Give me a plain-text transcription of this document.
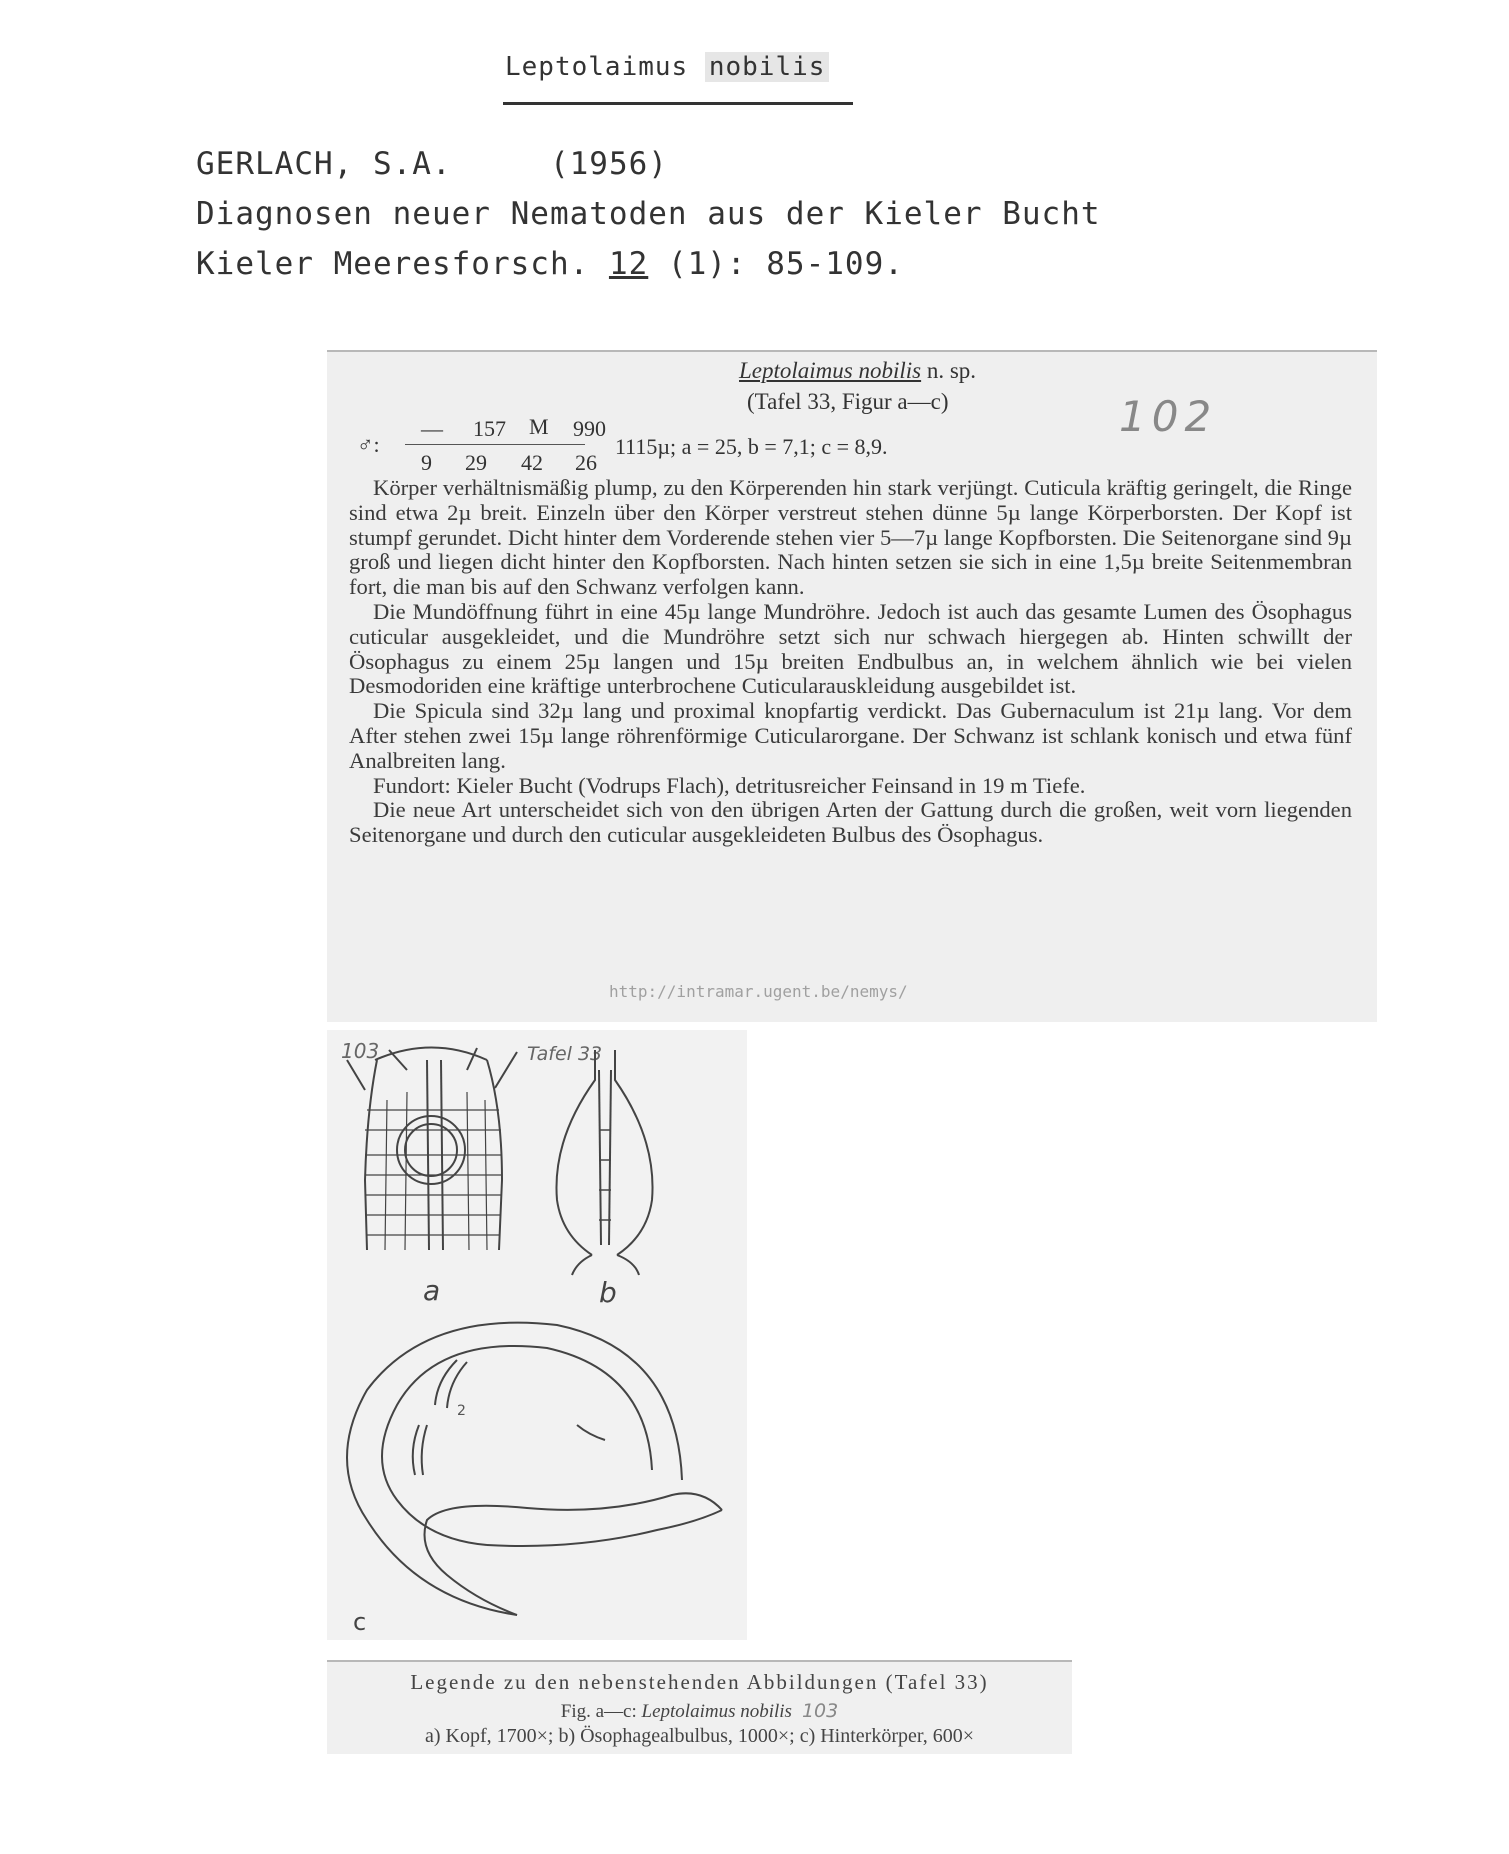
Leptolaimus nobilis
GERLACH, S.A.	(1956)
Diagnosen neuer Nematoden aus der Kieler Bucht
Kieler Meeresforsch. 12 (1): 85-109.
Leptolaimus nobilis n. sp.
(Tafel 33, Figur a—c)	102
♂:
— 157 M 990
9 29 42 26
1115µ; a = 25, b = 7,1; c = 8,9.

Körper verhältnismäßig plump, zu den Körperenden hin stark verjüngt. Cuticula kräftig geringelt, die Ringe sind etwa 2µ breit. Einzeln über den Körper verstreut stehen dünne 5µ lange Körperborsten. Der Kopf ist stumpf gerundet. Dicht hinter dem Vorderende stehen vier 5—7µ lange Kopfborsten. Die Seitenorgane sind 9µ groß und liegen dicht hinter den Kopfborsten. Nach hinten setzen sie sich in eine 1,5µ breite Seitenmembran fort, die man bis auf den Schwanz verfolgen kann.

Die Mundöffnung führt in eine 45µ lange Mundröhre. Jedoch ist auch das gesamte Lumen des Ösophagus cuticular ausgekleidet, und die Mundröhre setzt sich nur schwach hiergegen ab. Hinten schwillt der Ösophagus zu einem 25µ langen und 15µ breiten Endbulbus an, in welchem ähnlich wie bei vielen Desmodoriden eine kräftige unterbrochene Cuticularauskleidung ausgebildet ist.

Die Spicula sind 32µ lang und proximal knopfartig verdickt. Das Gubernaculum ist 21µ lang. Vor dem After stehen zwei 15µ lange röhrenförmige Cuticularorgane. Der Schwanz ist schlank konisch und etwa fünf Analbreiten lang.

Fundort: Kieler Bucht (Vodrups Flach), detritusreicher Feinsand in 19 m Tiefe.

Die neue Art unterscheidet sich von den übrigen Arten der Gattung durch die großen, weit vorn liegenden Seitenorgane und durch den cuticular ausgekleideten Bulbus des Ösophagus.

http://intramar.ugent.be/nemys/
103	Tafel 33
a	b
2
c
Legende zu den nebenstehenden Abbildungen (Tafel 33)
Fig. a—c: Leptolaimus nobilis 103
a) Kopf, 1700×; b) Ösophagealbulbus, 1000×; c) Hinterkörper, 600×
